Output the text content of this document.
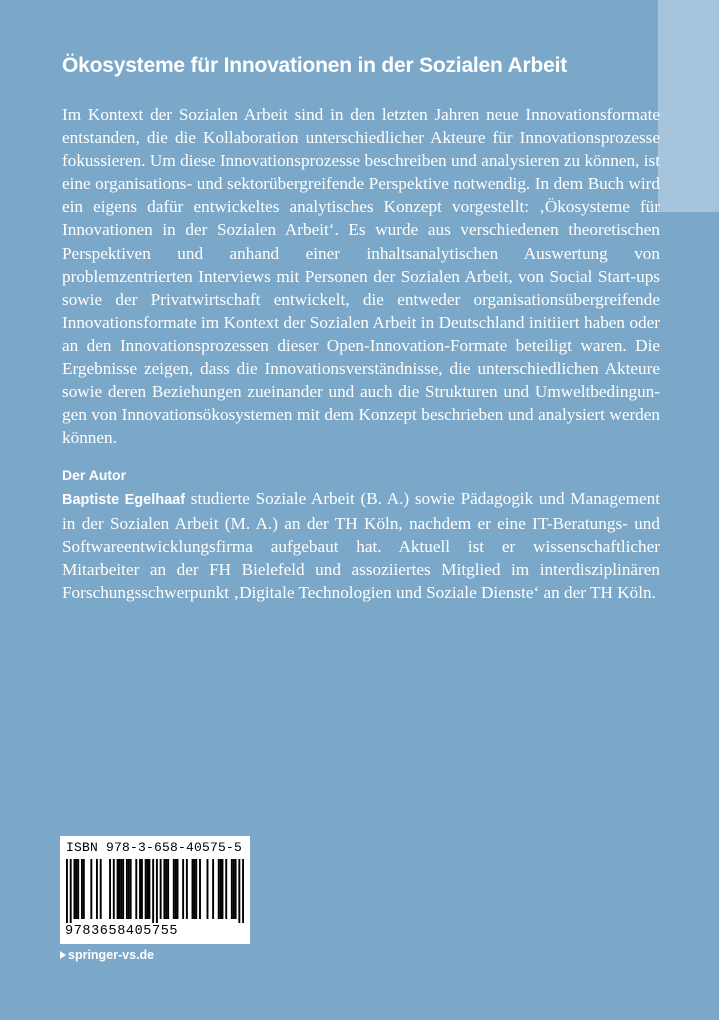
Ökosysteme für Innovationen in der Sozialen Arbeit

Im Kontext der Sozialen Arbeit sind in den letzten Jahren neue Innovationsformate entstanden, die die Kollaboration unterschiedlicher Akteure für Innovationsprozesse fokussieren. Um diese Innovationsprozesse beschreiben und analysieren zu können, ist eine organisations- und sektorübergreifende Perspektive notwendig. In dem Buch wird ein eigens dafür entwickeltes analytisches Konzept vorgestellt: ‚Ökosysteme für Innovationen in der Sozialen Arbeit‘. Es wurde aus verschiedenen theoretischen Perspektiven und anhand einer inhaltsanalytischen Auswertung von problemzentrierten Interviews mit Personen der Sozialen Arbeit, von Social Start-ups sowie der Privatwirtschaft entwickelt, die entweder organisationsübergreifende Innovationsformate im Kontext der Sozialen Arbeit in Deutschland initiiert haben oder an den Innovationsprozessen dieser Open-Innovation-Formate beteiligt waren. Die Ergebnisse zeigen, dass die Innovationsverständnisse, die unterschiedlichen Akteure sowie deren Beziehungen zueinander und auch die Strukturen und Umweltbedingungen von Innovationsökosystemen mit dem Konzept beschrieben und analysiert werden können.

Der Autor

Baptiste Egelhaaf studierte Soziale Arbeit (B. A.) sowie Pädagogik und Management in der Sozialen Arbeit (M. A.) an der TH Köln, nachdem er eine IT-Beratungs- und Softwareentwicklungsfirma aufgebaut hat. Aktuell ist er wissenschaftlicher Mitarbeiter an der FH Bielefeld und assoziiertes Mitglied im interdisziplinären Forschungsschwerpunkt ‚Digitale Technologien und Soziale Dienste‘ an der TH Köln.

ISBN 978-3-658-40575-5
9783658405755
springer-vs.de
